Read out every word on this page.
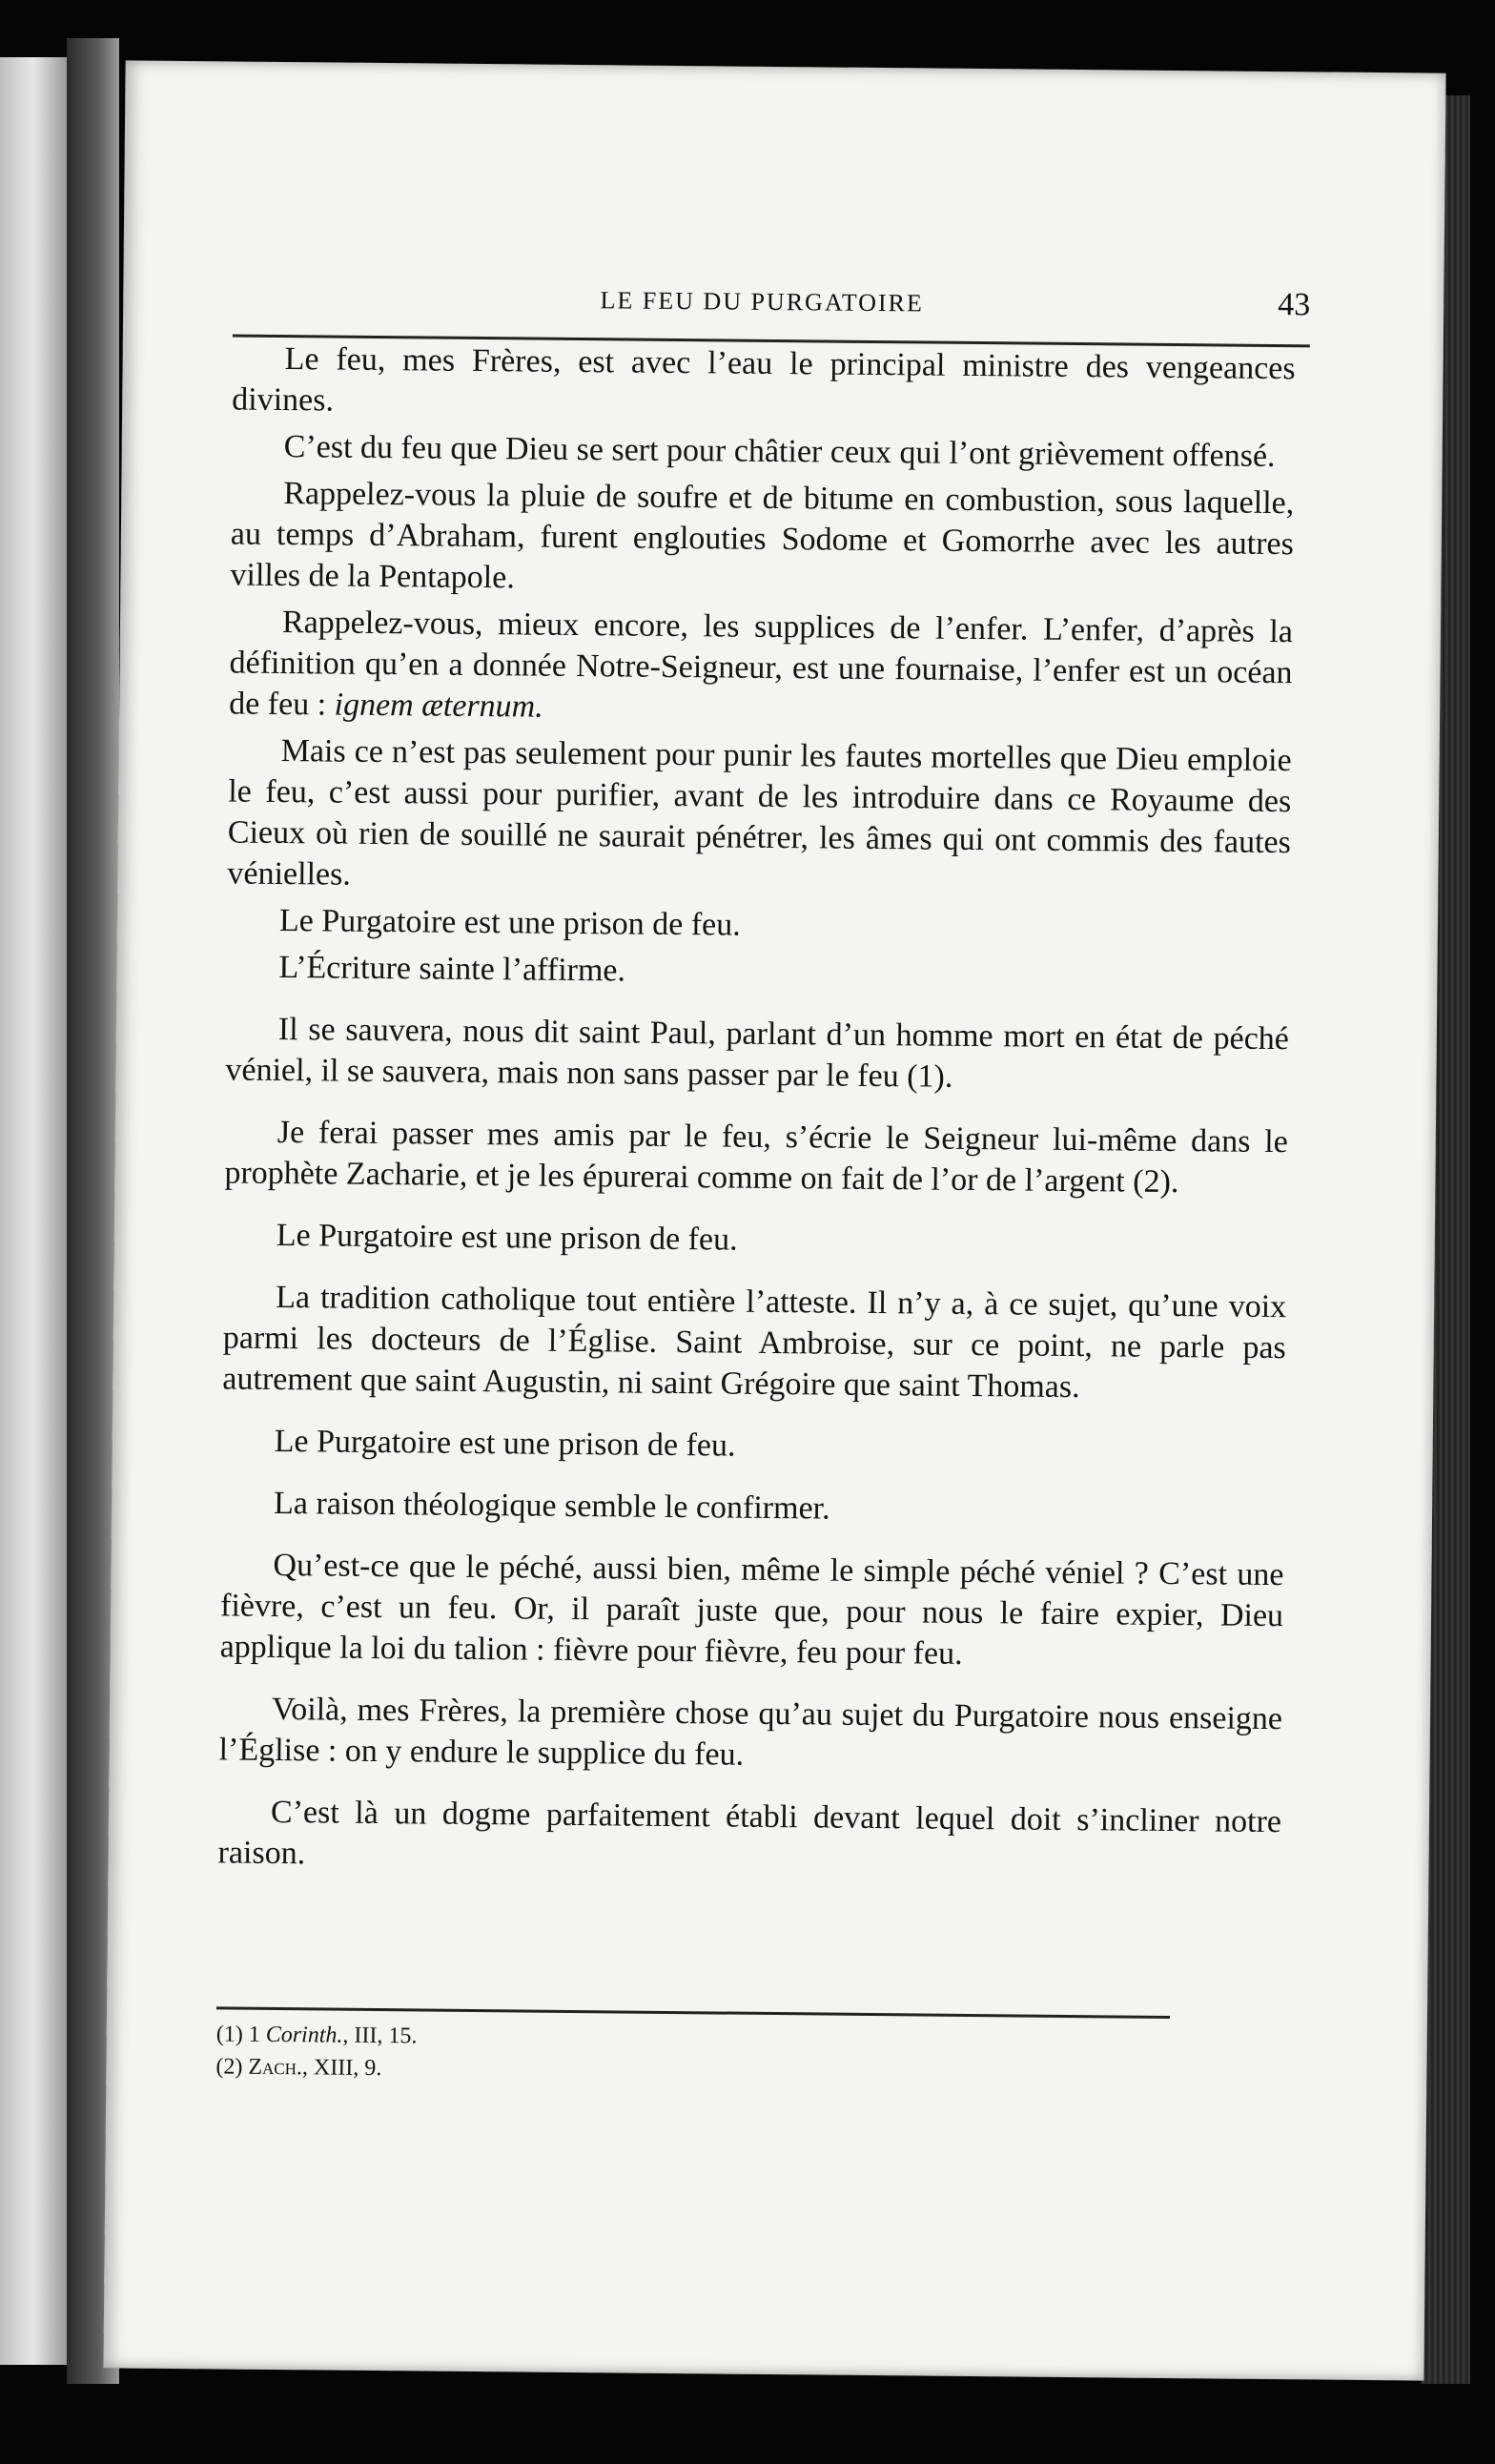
LE FEU DU PURGATOIRE	43

Le feu, mes Frères, est avec l’eau le principal ministre des vengeances divines.

C’est du feu que Dieu se sert pour châtier ceux qui l’ont grièvement offensé.

Rappelez-vous la pluie de soufre et de bitume en combustion, sous laquelle, au temps d’Abraham, furent englouties Sodome et Gomorrhe avec les autres villes de la Pentapole.

Rappelez-vous, mieux encore, les supplices de l’enfer. L’enfer, d’après la définition qu’en a donnée Notre-Seigneur, est une fournaise, l’enfer est un océan de feu : ignem æternum.

Mais ce n’est pas seulement pour punir les fautes mortelles que Dieu emploie le feu, c’est aussi pour purifier, avant de les introduire dans ce Royaume des Cieux où rien de souillé ne saurait pénétrer, les âmes qui ont commis des fautes vénielles.

Le Purgatoire est une prison de feu.

L’Écriture sainte l’affirme.

Il se sauvera, nous dit saint Paul, parlant d’un homme mort en état de péché véniel, il se sauvera, mais non sans passer par le feu (1).

Je ferai passer mes amis par le feu, s’écrie le Seigneur lui-même dans le prophète Zacharie, et je les épurerai comme on fait de l’or de l’argent (2).

Le Purgatoire est une prison de feu.

La tradition catholique tout entière l’atteste. Il n’y a, à ce sujet, qu’une voix parmi les docteurs de l’Église. Saint Ambroise, sur ce point, ne parle pas autrement que saint Augustin, ni saint Grégoire que saint Thomas.

Le Purgatoire est une prison de feu.

La raison théologique semble le confirmer.

Qu’est-ce que le péché, aussi bien, même le simple péché véniel ? C’est une fièvre, c’est un feu. Or, il paraît juste que, pour nous le faire expier, Dieu applique la loi du talion : fièvre pour fièvre, feu pour feu.

Voilà, mes Frères, la première chose qu’au sujet du Purgatoire nous enseigne l’Église : on y endure le supplice du feu.

C’est là un dogme parfaitement établi devant lequel doit s’incliner notre raison.

(1) 1 Corinth., III, 15.

(2) Zach., XIII, 9.
